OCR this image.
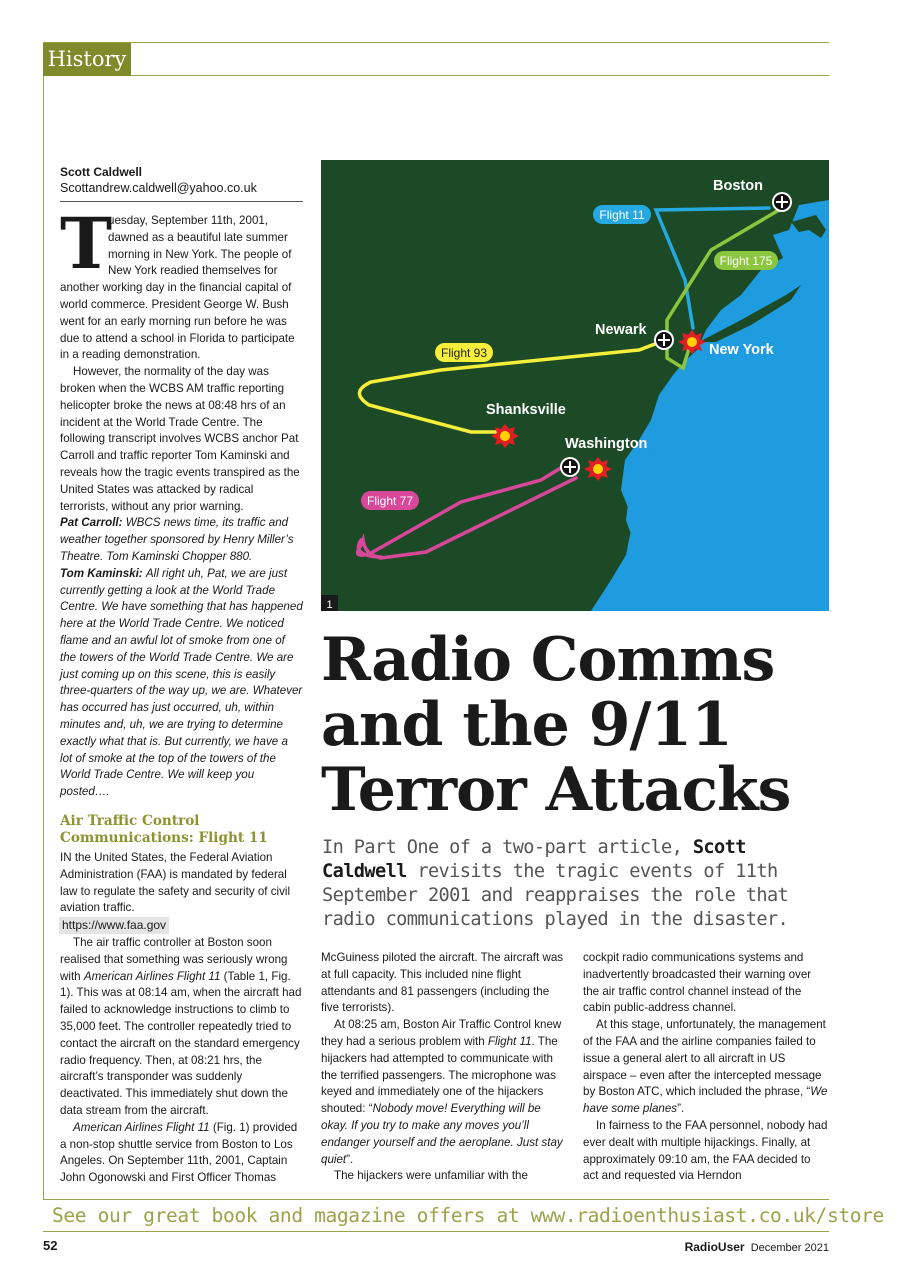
History
Scott Caldwell
Scottandrew.caldwell@yahoo.co.uk

T
uesday, September 11th, 2001, dawned as a beautiful late summer morning in New York. The people of New York readied themselves for another working day in the financial capital of world commerce. President George W. Bush went for an early morning run before he was due to attend a school in Florida to participate in a reading demonstration.

However, the normality of the day was broken when the WCBS AM traffic reporting helicopter broke the news at 08:48 hrs of an incident at the World Trade Centre. The following transcript involves WCBS anchor Pat Carroll and traffic reporter Tom Kaminski and reveals how the tragic events transpired as the United States was attacked by radical terrorists, without any prior warning.

Pat Carroll: WBCS news time, its traffic and weather together sponsored by Henry Miller’s Theatre. Tom Kaminski Chopper 880.

Tom Kaminski: All right uh, Pat, we are just currently getting a look at the World Trade Centre. We have something that has happened here at the World Trade Centre. We noticed flame and an awful lot of smoke from one of the towers of the World Trade Centre. We are just coming up on this scene, this is easily three-quarters of the way up, we are. Whatever has occurred has just occurred, uh, within minutes and, uh, we are trying to determine exactly what that is. But currently, we have a lot of smoke at the top of the towers of the World Trade Centre. We will keep you posted….

Air Traffic Control Communications: Flight 11

IN the United States, the Federal Aviation Administration (FAA) is mandated by federal law to regulate the safety and security of civil aviation traffic.

https://www.faa.gov

The air traffic controller at Boston soon realised that something was seriously wrong with American Airlines Flight 11 (Table 1, Fig. 1). This was at 08:14 am, when the aircraft had failed to acknowledge instructions to climb to 35,000 feet. The controller repeatedly tried to contact the aircraft on the standard emergency radio frequency. Then, at 08:21 hrs, the aircraft’s transponder was suddenly deactivated. This immediately shut down the data stream from the aircraft.

American Airlines Flight 11 (Fig. 1) provided a non-stop shuttle service from Boston to Los Angeles. On September 11th, 2001, Captain John Ogonowski and First Officer Thomas

Boston
Newark
New York
Shanksville
Washington
Flight 11
Flight 175
Flight 93
Flight 77
1
Radio Comms
and the 9/11
Terror Attacks
In Part One of a two-part article, Scott Caldwell revisits the tragic events of 11th September 2001 and reappraises the role that radio communications played in the disaster.

McGuiness piloted the aircraft. The aircraft was at full capacity. This included nine flight attendants and 81 passengers (including the five terrorists).

At 08:25 am, Boston Air Traffic Control knew they had a serious problem with Flight 11. The hijackers had attempted to communicate with the terrified passengers. The microphone was keyed and immediately one of the hijackers shouted: “Nobody move! Everything will be okay. If you try to make any moves you’ll endanger yourself and the aeroplane. Just stay quiet”.

The hijackers were unfamiliar with the

cockpit radio communications systems and inadvertently broadcasted their warning over the air traffic control channel instead of the cabin public-address channel.

At this stage, unfortunately, the management of the FAA and the airline companies failed to issue a general alert to all aircraft in US airspace – even after the intercepted message by Boston ATC, which included the phrase, “We have some planes”.

In fairness to the FAA personnel, nobody had ever dealt with multiple hijackings. Finally, at approximately 09:10 am, the FAA decided to act and requested via Herndon

See our great book and magazine offers at www.radioenthusiast.co.uk/store
52	RadioUser December 2021
